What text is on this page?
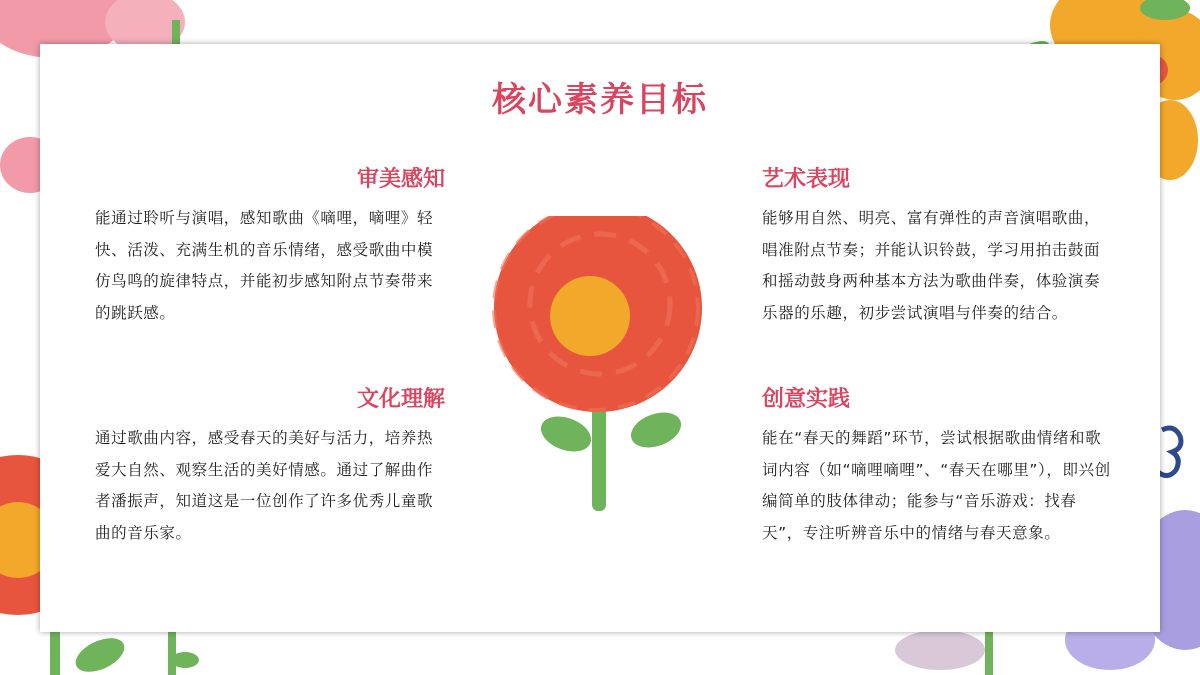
核心素养目标
审美感知

能通过聆听与演唱，感知歌曲《嘀哩，嘀哩》轻快、活泼、充满生机的音乐情绪，感受歌曲中模仿鸟鸣的旋律特点，并能初步感知附点节奏带来的跳跃感。

文化理解

通过歌曲内容，感受春天的美好与活力，培养热爱大自然、观察生活的美好情感。通过了解曲作者潘振声，知道这是一位创作了许多优秀儿童歌曲的音乐家。

艺术表现

能够用自然、明亮、富有弹性的声音演唱歌曲，唱准附点节奏；并能认识铃鼓，学习用拍击鼓面和摇动鼓身两种基本方法为歌曲伴奏，体验演奏乐器的乐趣，初步尝试演唱与伴奏的结合。

创意实践

能在“春天的舞蹈”环节，尝试根据歌曲情绪和歌词内容（如“嘀哩嘀哩”、“春天在哪里”），即兴创编简单的肢体律动；能参与“音乐游戏：找春天”，专注听辨音乐中的情绪与春天意象。
